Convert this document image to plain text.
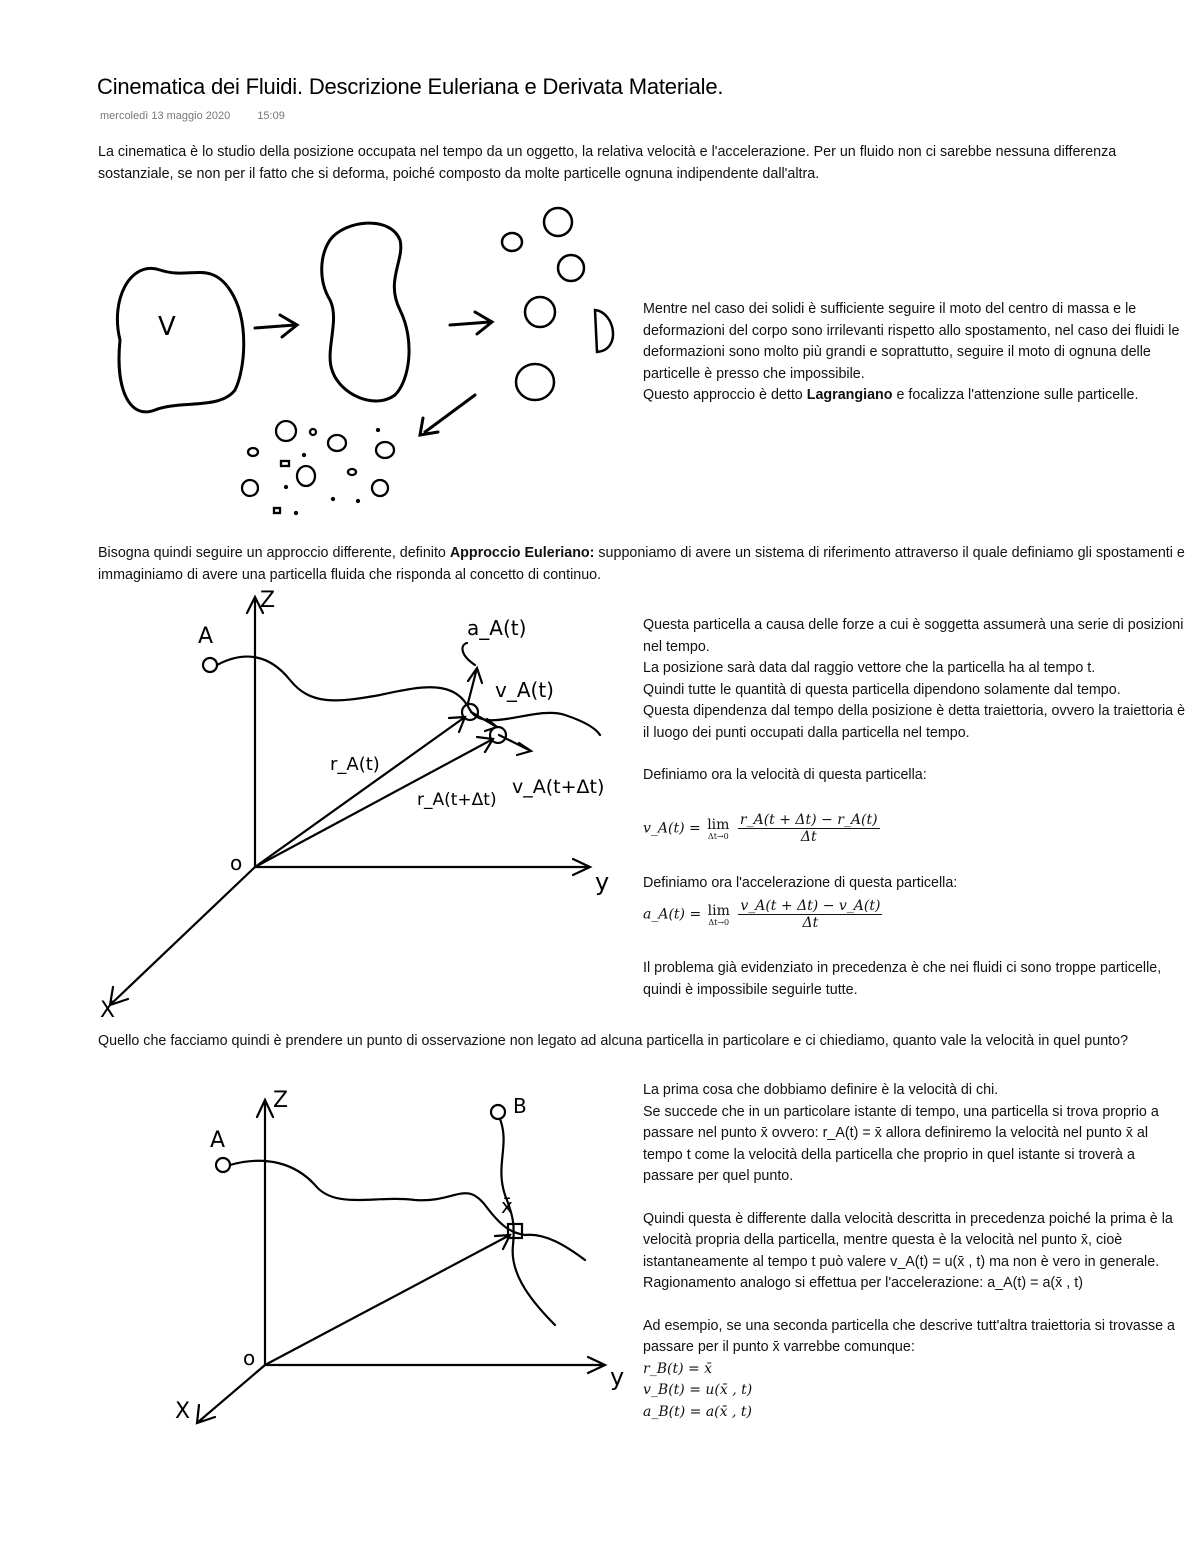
Cinematica dei Fluidi. Descrizione Euleriana e Derivata Materiale.
mercoledì 13 maggio 2020 15:09
La cinematica è lo studio della posizione occupata nel tempo da un oggetto, la relativa velocità e l'accelerazione. Per un fluido non ci sarebbe nessuna differenza sostanziale, se non per il fatto che si deforma, poiché composto da molte particelle ognuna indipendente dall'altra.
V
Mentre nel caso dei solidi è sufficiente seguire il moto del centro di massa e le deformazioni del corpo sono irrilevanti rispetto allo spostamento, nel caso dei fluidi le deformazioni sono molto più grandi e soprattutto, seguire il moto di ognuna delle particelle è presso che impossibile.
Questo approccio è detto Lagrangiano e focalizza l'attenzione sulle particelle.
Bisogna quindi seguire un approccio differente, definito Approccio Euleriano: supponiamo di avere un sistema di riferimento attraverso il quale definiamo gli spostamenti e immaginiamo di avere una particella fluida che risponda al concetto di continuo.
Z
y
X
o
A	a_A(t)
v_A(t)
r_A(t)
r_A(t+Δt)
v_A(t+Δt)
Questa particella a causa delle forze a cui è soggetta assumerà una serie di posizioni nel tempo.
La posizione sarà data dal raggio vettore che la particella ha al tempo t.
Quindi tutte le quantità di questa particella dipendono solamente dal tempo.
Questa dipendenza dal tempo della posizione è detta traiettoria, ovvero la traiettoria è il luogo dei punti occupati dalla particella nel tempo.
Definiamo ora la velocità di questa particella:
v_A(t) = lim
Δt→0
$\frac{r\_A(t + \Delta t) - r\_A(t)}{\Delta t}$
Definiamo ora l'accelerazione di questa particella:
a_A(t) = lim
Δt→0
$\frac{v\_A(t + \Delta t) - v\_A(t)}{\Delta t}$
Il problema già evidenziato in precedenza è che nei fluidi ci sono troppe particelle, quindi è impossibile seguirle tutte.
Quello che facciamo quindi è prendere un punto di osservazione non legato ad alcuna particella in particolare e ci chiediamo, quanto vale la velocità in quel punto?
Z
y
X
o
A
B
x̄
La prima cosa che dobbiamo definire è la velocità di chi.
Se succede che in un particolare istante di tempo, una particella si trova proprio a passare nel punto x̄ ovvero: r_A(t) = x̄ allora definiremo la velocità nel punto x̄ al tempo t come la velocità della particella che proprio in quel istante si troverà a passare per quel punto.
Quindi questa è differente dalla velocità descritta in precedenza poiché la prima è la velocità propria della particella, mentre questa è la velocità nel punto x̄, cioè istantaneamente al tempo t può valere v_A(t) = u(x̄ , t) ma non è vero in generale.
Ragionamento analogo si effettua per l'accelerazione: a_A(t) = a(x̄ , t)
Ad esempio, se una seconda particella che descrive tutt'altra traiettoria si trovasse a passare per il punto x̄ varrebbe comunque:
r_B(t) = x̄
v_B(t) = u(x̄ , t)
a_B(t) = a(x̄ , t)
